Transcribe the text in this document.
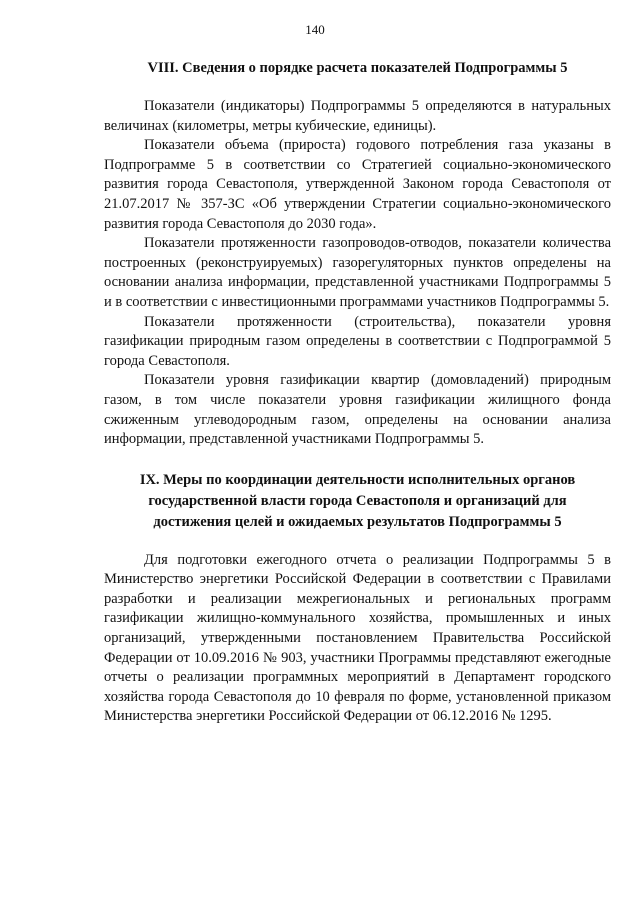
140
VIII. Сведения о порядке расчета показателей Подпрограммы 5

Показатели (индикаторы) Подпрограммы 5 определяются в натуральных величинах (километры, метры кубические, единицы).

Показатели объема (прироста) годового потребления газа указаны в Подпрограмме 5 в соответствии со Стратегией социально-экономического развития города Севастополя, утвержденной Законом города Севастополя от 21.07.2017 № 357-ЗС «Об утверждении Стратегии социально-экономического развития города Севастополя до 2030 года».

Показатели протяженности газопроводов-отводов, показатели количества построенных (реконструируемых) газорегуляторных пунктов определены на основании анализа информации, представленной участниками Подпрограммы 5 и в соответствии с инвестиционными программами участников Подпрограммы 5.

Показатели протяженности (строительства), показатели уровня газификации природным газом определены в соответствии с Подпрограммой 5 города Севастополя.

Показатели уровня газификации квартир (домовладений) природным газом, в том числе показатели уровня газификации жилищного фонда сжиженным углеводородным газом, определены на основании анализа информации, представленной участниками Подпрограммы 5.

IX. Меры по координации деятельности исполнительных органов
государственной власти города Севастополя и организаций для
достижения целей и ожидаемых результатов Подпрограммы 5

Для подготовки ежегодного отчета о реализации Подпрограммы 5 в Министерство энергетики Российской Федерации в соответствии с Правилами разработки и реализации межрегиональных и региональных программ газификации жилищно-коммунального хозяйства, промышленных и иных организаций, утвержденными постановлением Правительства Российской Федерации от 10.09.2016 № 903, участники Программы представляют ежегодные отчеты о реализации программных мероприятий в Департамент городского хозяйства города Севастополя до 10 февраля по форме, установленной приказом Министерства энергетики Российской Федерации от 06.12.2016 № 1295.
